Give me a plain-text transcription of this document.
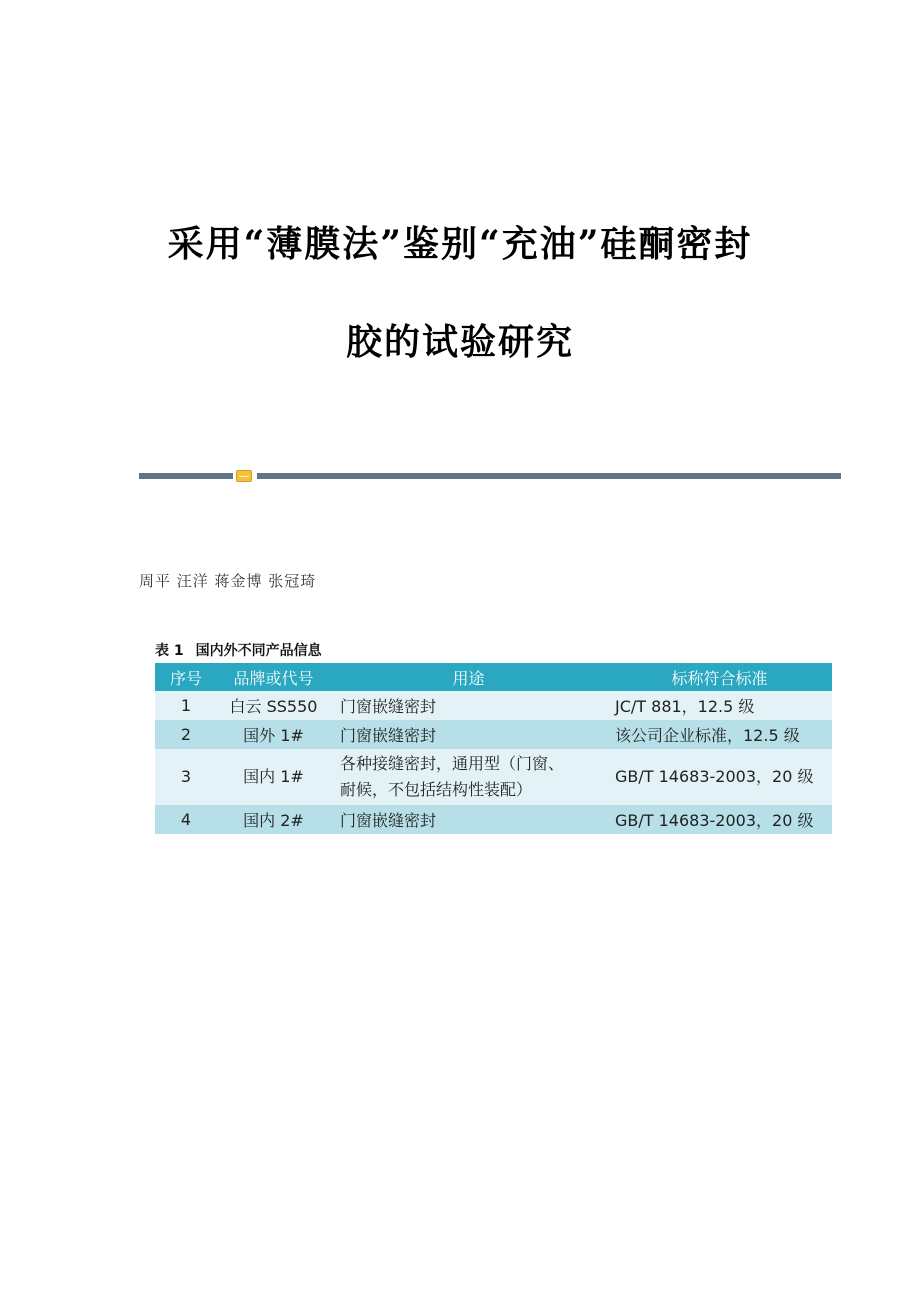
采用“薄膜法”鉴别“充油”硅酮密封
胶的试验研究
周平 汪洋 蒋金博 张冠琦
表 1 国内外不同产品信息
序号	品牌或代号	用途	标称符合标准
1	白云 SS550	门窗嵌缝密封	JC/T 881，12.5 级
2	国外 1#	门窗嵌缝密封	该公司企业标准，12.5 级
3	国内 1#	各种接缝密封，通用型（门窗、
耐候，不包括结构性装配）	GB/T 14683-2003，20 级
4	国内 2#	门窗嵌缝密封	GB/T 14683-2003，20 级
